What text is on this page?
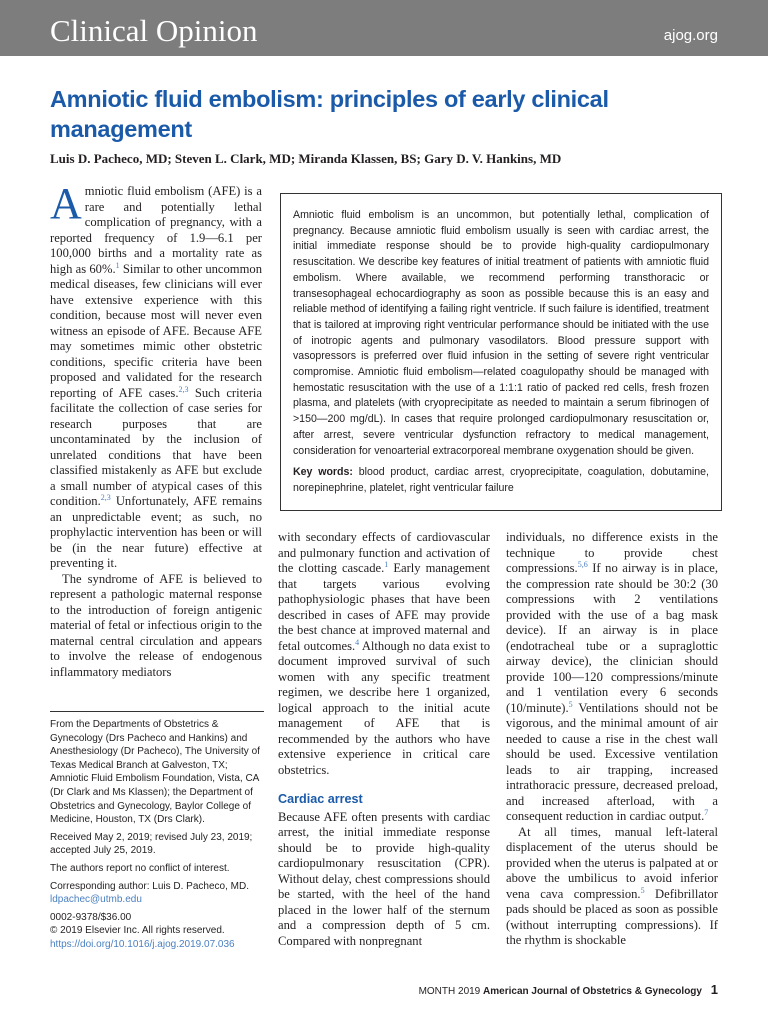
Clinical Opinion	ajog.org
Amniotic fluid embolism: principles of early clinical management
Luis D. Pacheco, MD; Steven L. Clark, MD; Miranda Klassen, BS; Gary D. V. Hankins, MD

Amniotic fluid embolism (AFE) is a rare and potentially lethal complication of pregnancy, with a reported frequency of 1.9—6.1 per 100,000 births and a mortality rate as high as 60%.$^1$ Similar to other uncommon medical diseases, few clinicians will ever have extensive experience with this condition, because most will never even witness an episode of AFE. Because AFE may sometimes mimic other obstetric conditions, specific criteria have been proposed and validated for the research reporting of AFE cases.$^{2,3}$ Such criteria facilitate the collection of case series for research purposes that are uncontaminated by the inclusion of unrelated conditions that have been classified mistakenly as AFE but exclude a small number of atypical cases of this condition.$^{2,3}$ Unfortunately, AFE remains an unpredictable event; as such, no prophylactic intervention has been or will be (in the near future) effective at preventing it.

The syndrome of AFE is believed to represent a pathologic maternal response to the introduction of foreign antigenic material of fetal or infectious origin to the maternal central circulation and appears to involve the release of endogenous inflammatory mediators

Amniotic fluid embolism is an uncommon, but potentially lethal, complication of pregnancy. Because amniotic fluid embolism usually is seen with cardiac arrest, the initial immediate response should be to provide high-quality cardiopulmonary resuscitation. We describe key features of initial treatment of patients with amniotic fluid embolism. Where available, we recommend performing transthoracic or transesophageal echocardiography as soon as possible because this is an easy and reliable method of identifying a failing right ventricle. If such failure is identified, treatment that is tailored at improving right ventricular performance should be initiated with the use of inotropic agents and pulmonary vasodilators. Blood pressure support with vasopressors is preferred over fluid infusion in the setting of severe right ventricular compromise. Amniotic fluid embolism—related coagulopathy should be managed with hemostatic resuscitation with the use of a 1:1:1 ratio of packed red cells, fresh frozen plasma, and platelets (with cryoprecipitate as needed to maintain a serum fibrinogen of >150—200 mg/dL). In cases that require prolonged cardiopulmonary resuscitation or, after arrest, severe ventricular dysfunction refractory to medical management, consideration for venoarterial extracorporeal membrane oxygenation should be given.

Key words: blood product, cardiac arrest, cryoprecipitate, coagulation, dobutamine, norepinephrine, platelet, right ventricular failure

From the Departments of Obstetrics & Gynecology (Drs Pacheco and Hankins) and Anesthesiology (Dr Pacheco), The University of Texas Medical Branch at Galveston, TX; Amniotic Fluid Embolism Foundation, Vista, CA (Dr Clark and Ms Klassen); the Department of Obstetrics and Gynecology, Baylor College of Medicine, Houston, TX (Drs Clark).

Received May 2, 2019; revised July 23, 2019; accepted July 25, 2019.

The authors report no conflict of interest.

Corresponding author: Luis D. Pacheco, MD.

ldpachec@utmb.edu

0002-9378/$36.00

© 2019 Elsevier Inc. All rights reserved.

https://doi.org/10.1016/j.ajog.2019.07.036

with secondary effects of cardiovascular and pulmonary function and activation of the clotting cascade.$^1$ Early management that targets various evolving pathophysiologic phases that have been described in cases of AFE may provide the best chance at improved maternal and fetal outcomes.$^4$ Although no data exist to document improved survival of such women with any specific treatment regimen, we describe here 1 organized, logical approach to the initial acute management of AFE that is recommended by the authors who have extensive experience in critical care obstetrics.

Cardiac arrest

Because AFE often presents with cardiac arrest, the initial immediate response should be to provide high-quality cardiopulmonary resuscitation (CPR). Without delay, chest compressions should be started, with the heel of the hand placed in the lower half of the sternum and a compression depth of 5 cm. Compared with nonpregnant

individuals, no difference exists in the technique to provide chest compressions.$^{5,6}$ If no airway is in place, the compression rate should be 30:2 (30 compressions with 2 ventilations provided with the use of a bag mask device). If an airway is in place (endotracheal tube or a supraglottic airway device), the clinician should provide 100—120 compressions/minute and 1 ventilation every 6 seconds (10/minute).$^5$ Ventilations should not be vigorous, and the minimal amount of air needed to cause a rise in the chest wall should be used. Excessive ventilation leads to air trapping, increased intrathoracic pressure, decreased preload, and increased afterload, with a consequent reduction in cardiac output.$^7$

At all times, manual left-lateral displacement of the uterus should be provided when the uterus is palpated at or above the umbilicus to avoid inferior vena cava compression.$^5$ Defibrillator pads should be placed as soon as possible (without interrupting compressions). If the rhythm is shockable

MONTH 2019 American Journal of Obstetrics & Gynecology 1
